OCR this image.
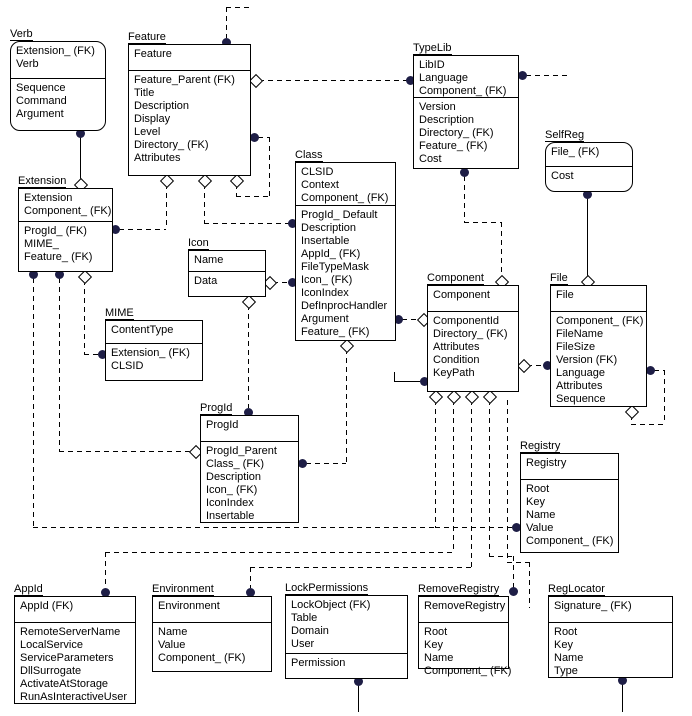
Verb
Extension_ (FK)
Verb
Sequence
Command
Argument
Feature
Feature
Feature_Parent (FK)
Title
Description
Display
Level
Directory_ (FK)
Attributes
TypeLib
LibID
Language
Component_ (FK)
Version
Description
Directory_ (FK)
Feature_ (FK)
Cost
SelfReg
File_ (FK)
Cost
Extension
Extension
Component_ (FK)
ProgId_ (FK)
MIME_
Feature_ (FK)
Class
CLSID
Context
Component_ (FK)
ProgId_ Default
Description
Insertable
AppId_ (FK)
FileTypeMask
Icon_ (FK)
IconIndex
DefInprocHandler
Argument
Feature_ (FK)
Icon
Name
Data
MIME
ContentType
Extension_ (FK)
CLSID
Component
Component
ComponentId
Directory_ (FK)
Attributes
Condition
KeyPath
File
File
Component_ (FK)
FileName
FileSize
Version (FK)
Language
Attributes
Sequence
ProgId
ProgId
ProgId_Parent
Class_ (FK)
Description
Icon_ (FK)
IconIndex
Insertable
Registry
Registry
Root
Key
Name
Value
Component_ (FK)
AppId
AppId (FK)
RemoteServerName
LocalService
ServiceParameters
DllSurrogate
ActivateAtStorage
RunAsInteractiveUser
Environment
Environment
Name
Value
Component_ (FK)
LockPermissions
LockObject (FK)
Table
Domain
User
Permission
RemoveRegistry
RemoveRegistry
Root
Key
Name
Component_ (FK)
RegLocator
Signature_ (FK)
Root
Key
Name
Type
